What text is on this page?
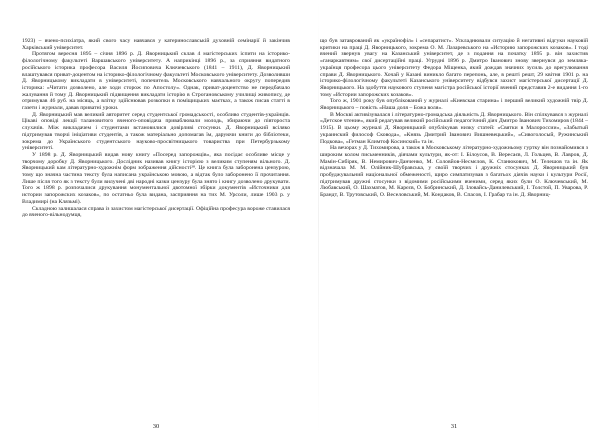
1923) – вчено-психіатра, який свого часу навчався у катеринославській духовній семінарії й закінчив Харківський університет.

Протягом вересня 1895 – січня 1896 р. Д. Яворницький склав 4 магістерських іспити на історико-філологічному факультеті Варшавського університету. А наприкінці 1896 р., за сприяння видатного російського історика професора Василя Йосиповича Ключевського (1841 – 1911), Д. Яворницький влаштувався приват-доцентом на історико-філологічному факультеті Московського університету. Дозволивши Д. Яворницькому викладати в університеті, попечитель Московського навчального округу попередив історика: «Читати дозволено, але ходи сторож по Апостолу». Однак, приват-доцентство не передбачало жалування й тому Д. Яворницький підвищення викладати історію в Строгановському училищі живопису, де отримував 46 руб. на місяць, а влітку здійснював розкопки в поміщицьких маєтках, а також писав статті в газети і журнали, давав приватні уроки.

Д. Яворницький мав великий авторитет серед студентської громадськості, особливо студентів-українців. Цікаві оповіді лекції талановитого вченого-оповідача приваблювали молодь, збираючи до півтороста слухачів. Між викладачем і студентами встановилися довірливі стосунки. Д. Яворницький всіляко підтримував творчі ініціативи студентів, а також матеріально допомагав їм, даруючи книги до бібліотеки, зокрема до Українського студентського науково-просвітницького товариства при Петербурзькому університеті.

У 1898 р. Д. Яворницький видав нову книгу «Посеред запорожців», яка посідає особливе місце у творчому доробку Д. Яворницького. Дослідник називав книгу історією з великим ступеням вільного. Д. Яворницький кам літературно-художнім форм зображення дійсності²⁸. Це книга була заборонена цензурою, тому що значна частина тексту була написана українською мовою, а відтак було заборонено її прочитання. Лише після того як з тексту були вилучені дві народні казки цензуру була знято і книгу дозволено друкувати. Того ж 1898 р. розпочалися друкування монументальної двотомної збірки документів «Источники для истории запорожских козаков», по остатньо була видана, засприяння на тих М. Урсоли, лише 1903 р. у Владимирі (на Клязьмі).

Складною залишалася справа із захистом магістерської дисертації. Офіційна професура вороже ставилася до вченого-вільнодумця,

30

що був затаврований як «українофіл» і «сепаратист». Ускладнювали ситуацію й негативні відгуки науковій критики на праці Д. Яворницького, зокрема О. М. Лазаревського на «Историю запорожских козаков». І тоді вчений звернув увагу на Казанський університет, де з подання на початку 1895 р. він захистив «ганаркавтним» свої дисертаційні праці. Угрудні 1896 р. Дмитро Іванович знову звернувся до земляка-українця професора цього університету Федора Міщенка, який дождав значних зусиль до врегулювання справи Д. Яворницького. Хочай у Казані виникло багато перепонь, але, в решті решт, 29 квітня 1901 р. на історико-філологічному факультеті Казанського університету відбувся захист магістерської дисертації Д. Яворницького. На здобуття наукового ступеня магістра російської історії вчений представив 2-е видання 1-го тому «Истории запорожских козаков».

Того ж, 1901 року був опублікований у журналі «Киевская старина» і перший великий художній твір Д. Яворницького – повість «Наша доля – Божа воля».

В Москві активізувалася і літературно-громадська діяльність Д. Яворницького. Він спілкувався з журналі «Детское чтение», який редагував великий російський педагогічний діяч Дмитро Іванович Тихомиров (1844 – 1915). В цьому журналі Д. Яворницький опублікував низку статей: «Святки в Малороссии», «Забытый украинский философ Сковода», «Князь Дмитрий Іванович Вишневецький», «Сивоголосый, Ружинський Подкова», «Гетман Климтоф Косинский» та ін.

На вечорах у Д. Тихомирова, а також в Московському літературно-художньому гуртку він познайомився з широким колом письменників, діячами культури, як-от: І. Білоусов, В. Вересаєв, Л. Гольцев, В. Лавров, Д. Мамін-Сибіряк, В. Немирович-Данченко, М. Соловйов-Несмєлов, К. Станюкович, М. Телешов та ін. Як відзначала М. М. Олійник-Шубравська, у своїй творчих і дружніх стосунках Д. Яворницький був пробуджувальний національної обмеженості, щиро симпатизував з багатьох діячів науки і культури Росії, підтримував дружні стосунки з відомими російськими вченими, серед яких були О. Ключевський, М. Любавський, О. Шахматов, М. Карєєв, О. Бобринський, Д. Іловайсь-Данилевський, І. Толстой, П. Уварова, Р. Брандт, В. Трутовський, О. Веселовський, М. Кондаков, В. Спасов, І. Грабар та ін. Д. Яворниц-

31
